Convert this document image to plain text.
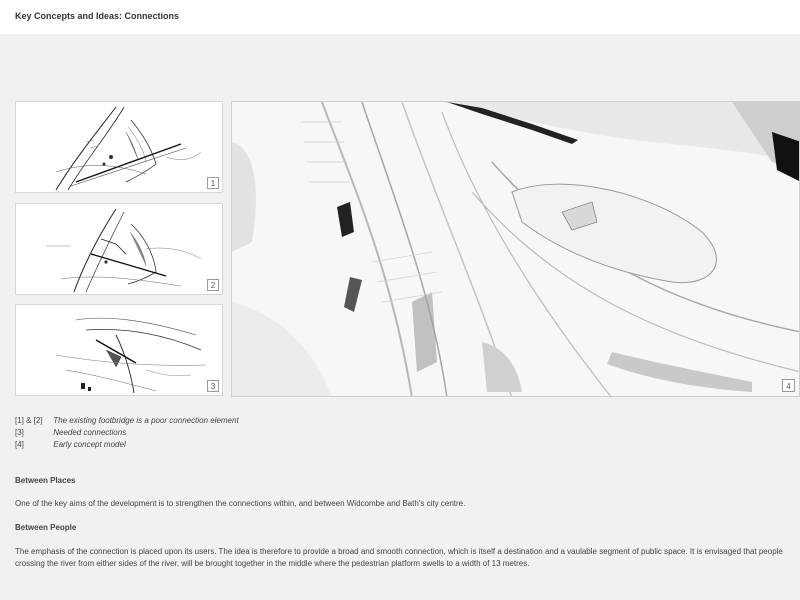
Key Concepts and Ideas: Connections
1
2
3	4
[1] & [2] The existing footbridge is a poor connection element
[3]	Needed connections
[4]	Early concept model
Between Places
One of the key aims of the development is to strengthen the connections within, and between Widcombe and Bath’s city centre.
Between People
The emphasis of the connection is placed upon its users. The idea is therefore to provide a broad and smooth connection, which is itself a destination and a vaulable segment of public space. It is envisaged that people crossing the river from either sides of the river, will be brought together in the middle where the pedestrian platform swells to a width of 13 metres.
